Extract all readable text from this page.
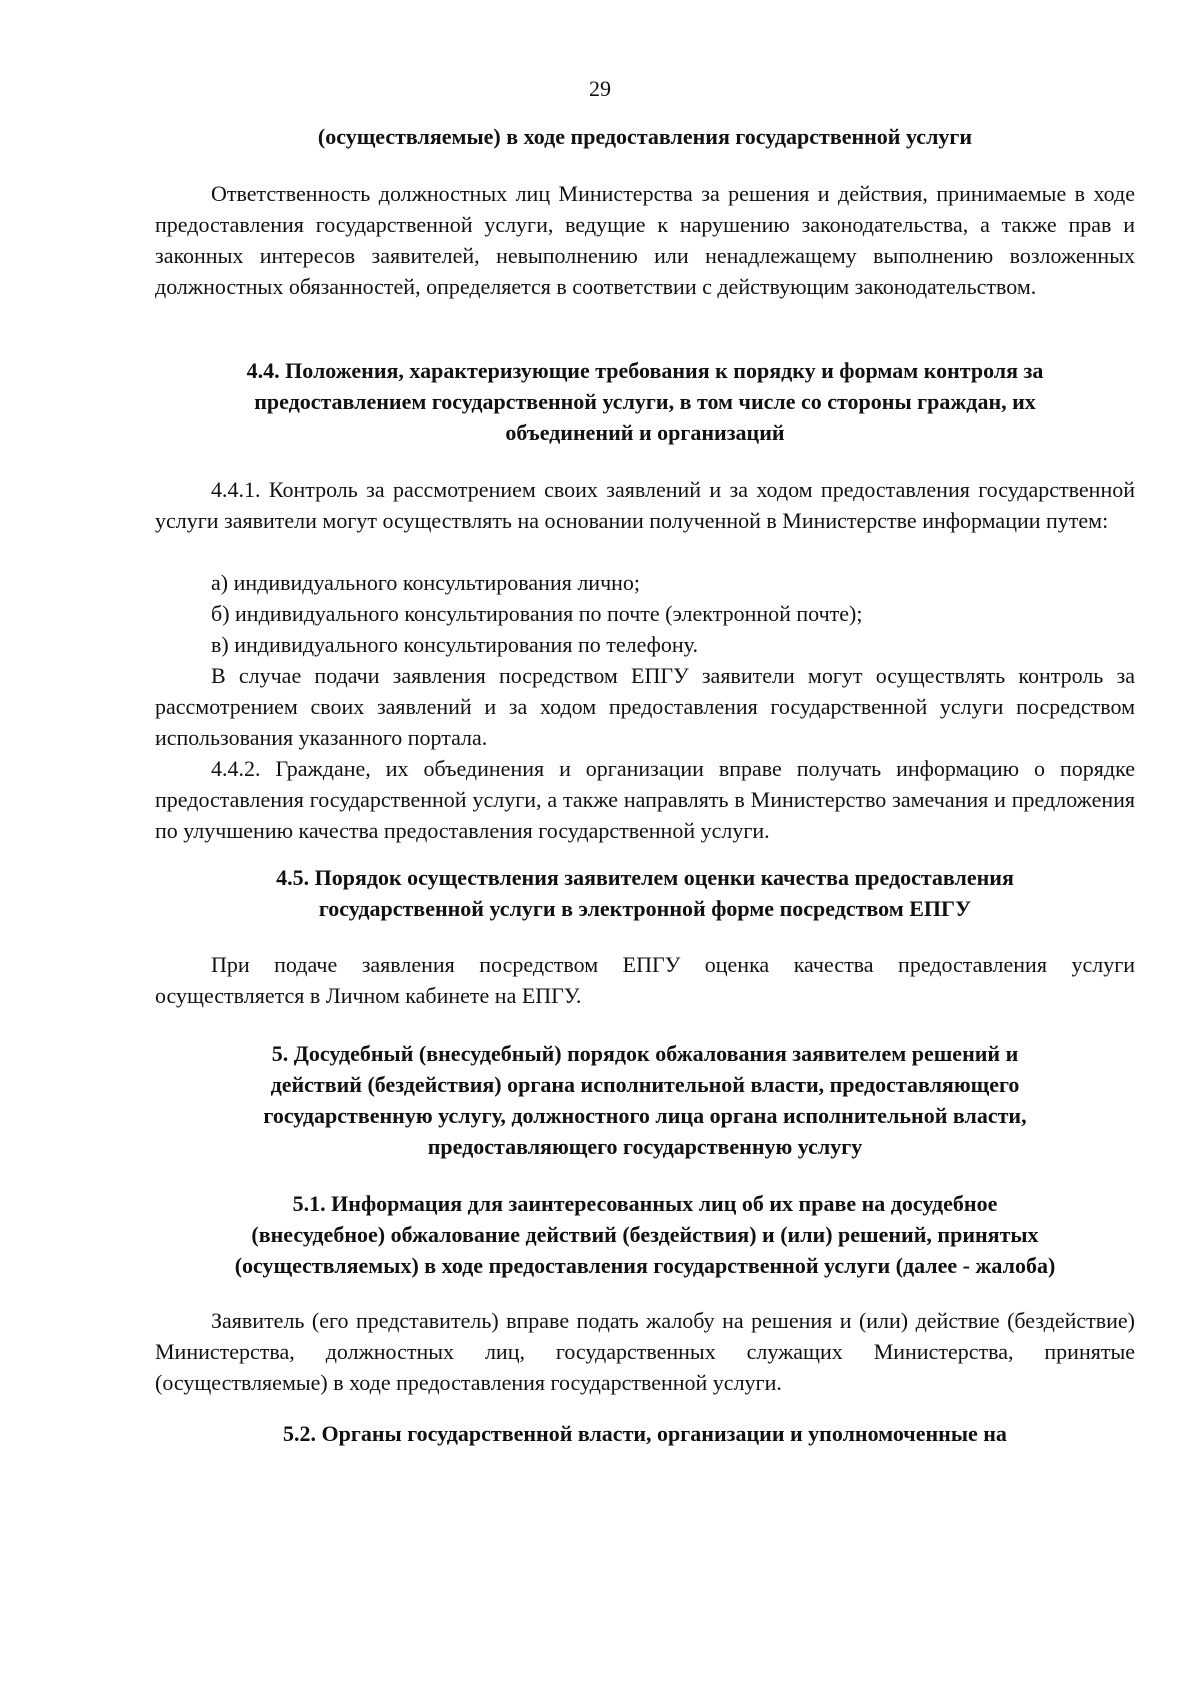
29
(осуществляемые) в ходе предоставления государственной услуги
Ответственность должностных лиц Министерства за решения и действия, принимаемые в ходе предоставления государственной услуги, ведущие к нарушению законодательства, а также прав и законных интересов заявителей, невыполнению или ненадлежащему выполнению возложенных должностных обязанностей, определяется в соответствии с действующим законодательством.
4.4. Положения, характеризующие требования к порядку и формам контроля за
предоставлением государственной услуги, в том числе со стороны граждан, их
объединений и организаций
4.4.1. Контроль за рассмотрением своих заявлений и за ходом предоставления государственной услуги заявители могут осуществлять на основании полученной в Министерстве информации путем:
а) индивидуального консультирования лично;
б) индивидуального консультирования по почте (электронной почте);
в) индивидуального консультирования по телефону.
В случае подачи заявления посредством ЕПГУ заявители могут осуществлять контроль за рассмотрением своих заявлений и за ходом предоставления государственной услуги посредством использования указанного портала.
4.4.2. Граждане, их объединения и организации вправе получать информацию о порядке предоставления государственной услуги, а также направлять в Министерство замечания и предложения по улучшению качества предоставления государственной услуги.
4.5. Порядок осуществления заявителем оценки качества предоставления
государственной услуги в электронной форме посредством ЕПГУ
При подаче заявления посредством ЕПГУ оценка качества предоставления услуги осуществляется в Личном кабинете на ЕПГУ.
5. Досудебный (внесудебный) порядок обжалования заявителем решений и
действий (бездействия) органа исполнительной власти, предоставляющего
государственную услугу, должностного лица органа исполнительной власти,
предоставляющего государственную услугу
5.1. Информация для заинтересованных лиц об их праве на досудебное
(внесудебное) обжалование действий (бездействия) и (или) решений, принятых
(осуществляемых) в ходе предоставления государственной услуги (далее - жалоба)
Заявитель (его представитель) вправе подать жалобу на решения и (или) действие (бездействие) Министерства, должностных лиц, государственных служащих Министерства, принятые (осуществляемые) в ходе предоставления государственной услуги.
5.2. Органы государственной власти, организации и уполномоченные на
